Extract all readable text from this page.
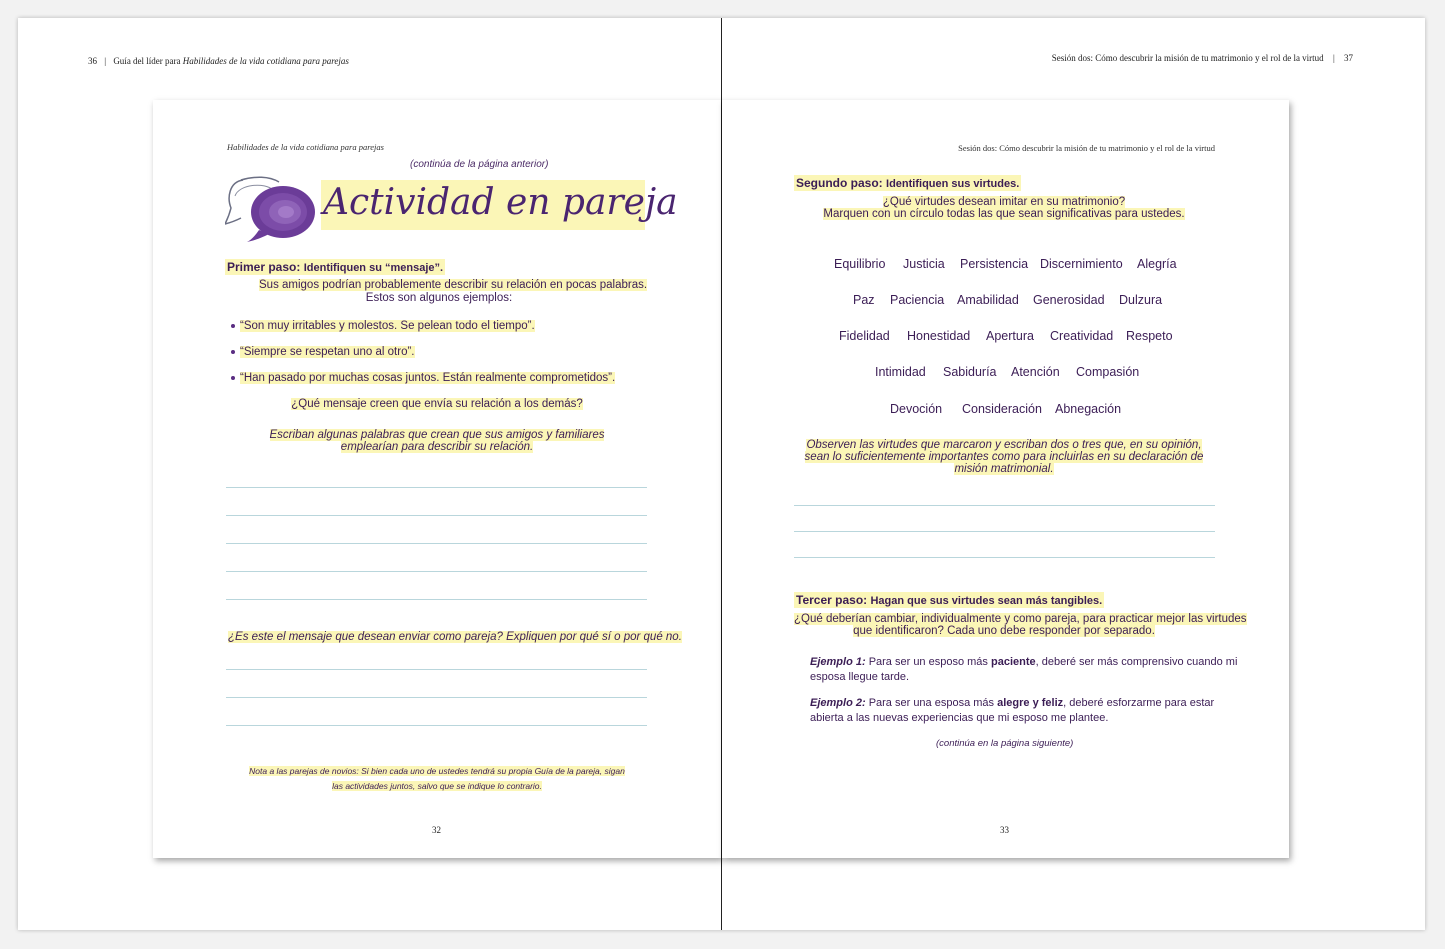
36 | Guía del líder para Habilidades de la vida cotidiana para parejas	Sesión dos: Cómo descubrir la misión de tu matrimonio y el rol de la virtud | 37
Habilidades de la vida cotidiana para parejas
(continúa de la página anterior)
Actividad en pareja
Primer paso: Identifiquen su “mensaje”.
Sus amigos podrían probablemente describir su relación en pocas palabras.
Estos son algunos ejemplos:
“Son muy irritables y molestos. Se pelean todo el tiempo”.
“Siempre se respetan uno al otro”.
“Han pasado por muchas cosas juntos. Están realmente comprometidos”.
¿Qué mensaje creen que envía su relación a los demás?
Escriban algunas palabras que crean que sus amigos y familiares
emplearían para describir su relación.
¿Es este el mensaje que desean enviar como pareja? Expliquen por qué sí o por qué no.
Nota a las parejas de novios: Si bien cada uno de ustedes tendrá su propia Guía de la pareja, sigan
las actividades juntos, salvo que se indique lo contrario.
32
Sesión dos: Cómo descubrir la misión de tu matrimonio y el rol de la virtud
Segundo paso: Identifiquen sus virtudes.
¿Qué virtudes desean imitar en su matrimonio?
Marquen con un círculo todas las que sean significativas para ustedes.
Equilibrio Justicia Persistencia Discernimiento Alegría
Paz Paciencia Amabilidad Generosidad Dulzura
Fidelidad Honestidad Apertura Creatividad Respeto
Intimidad Sabiduría Atención Compasión
Devoción Consideración Abnegación
Observen las virtudes que marcaron y escriban dos o tres que, en su opinión,
sean lo suficientemente importantes como para incluirlas en su declaración de
misión matrimonial.
Tercer paso: Hagan que sus virtudes sean más tangibles.
¿Qué deberían cambiar, individualmente y como pareja, para practicar mejor las virtudes
que identificaron? Cada uno debe responder por separado.
Ejemplo 1: Para ser un esposo más paciente, deberé ser más comprensivo cuando mi
esposa llegue tarde.
Ejemplo 2: Para ser una esposa más alegre y feliz, deberé esforzarme para estar
abierta a las nuevas experiencias que mi esposo me plantee.
(continúa en la página siguiente)
33
